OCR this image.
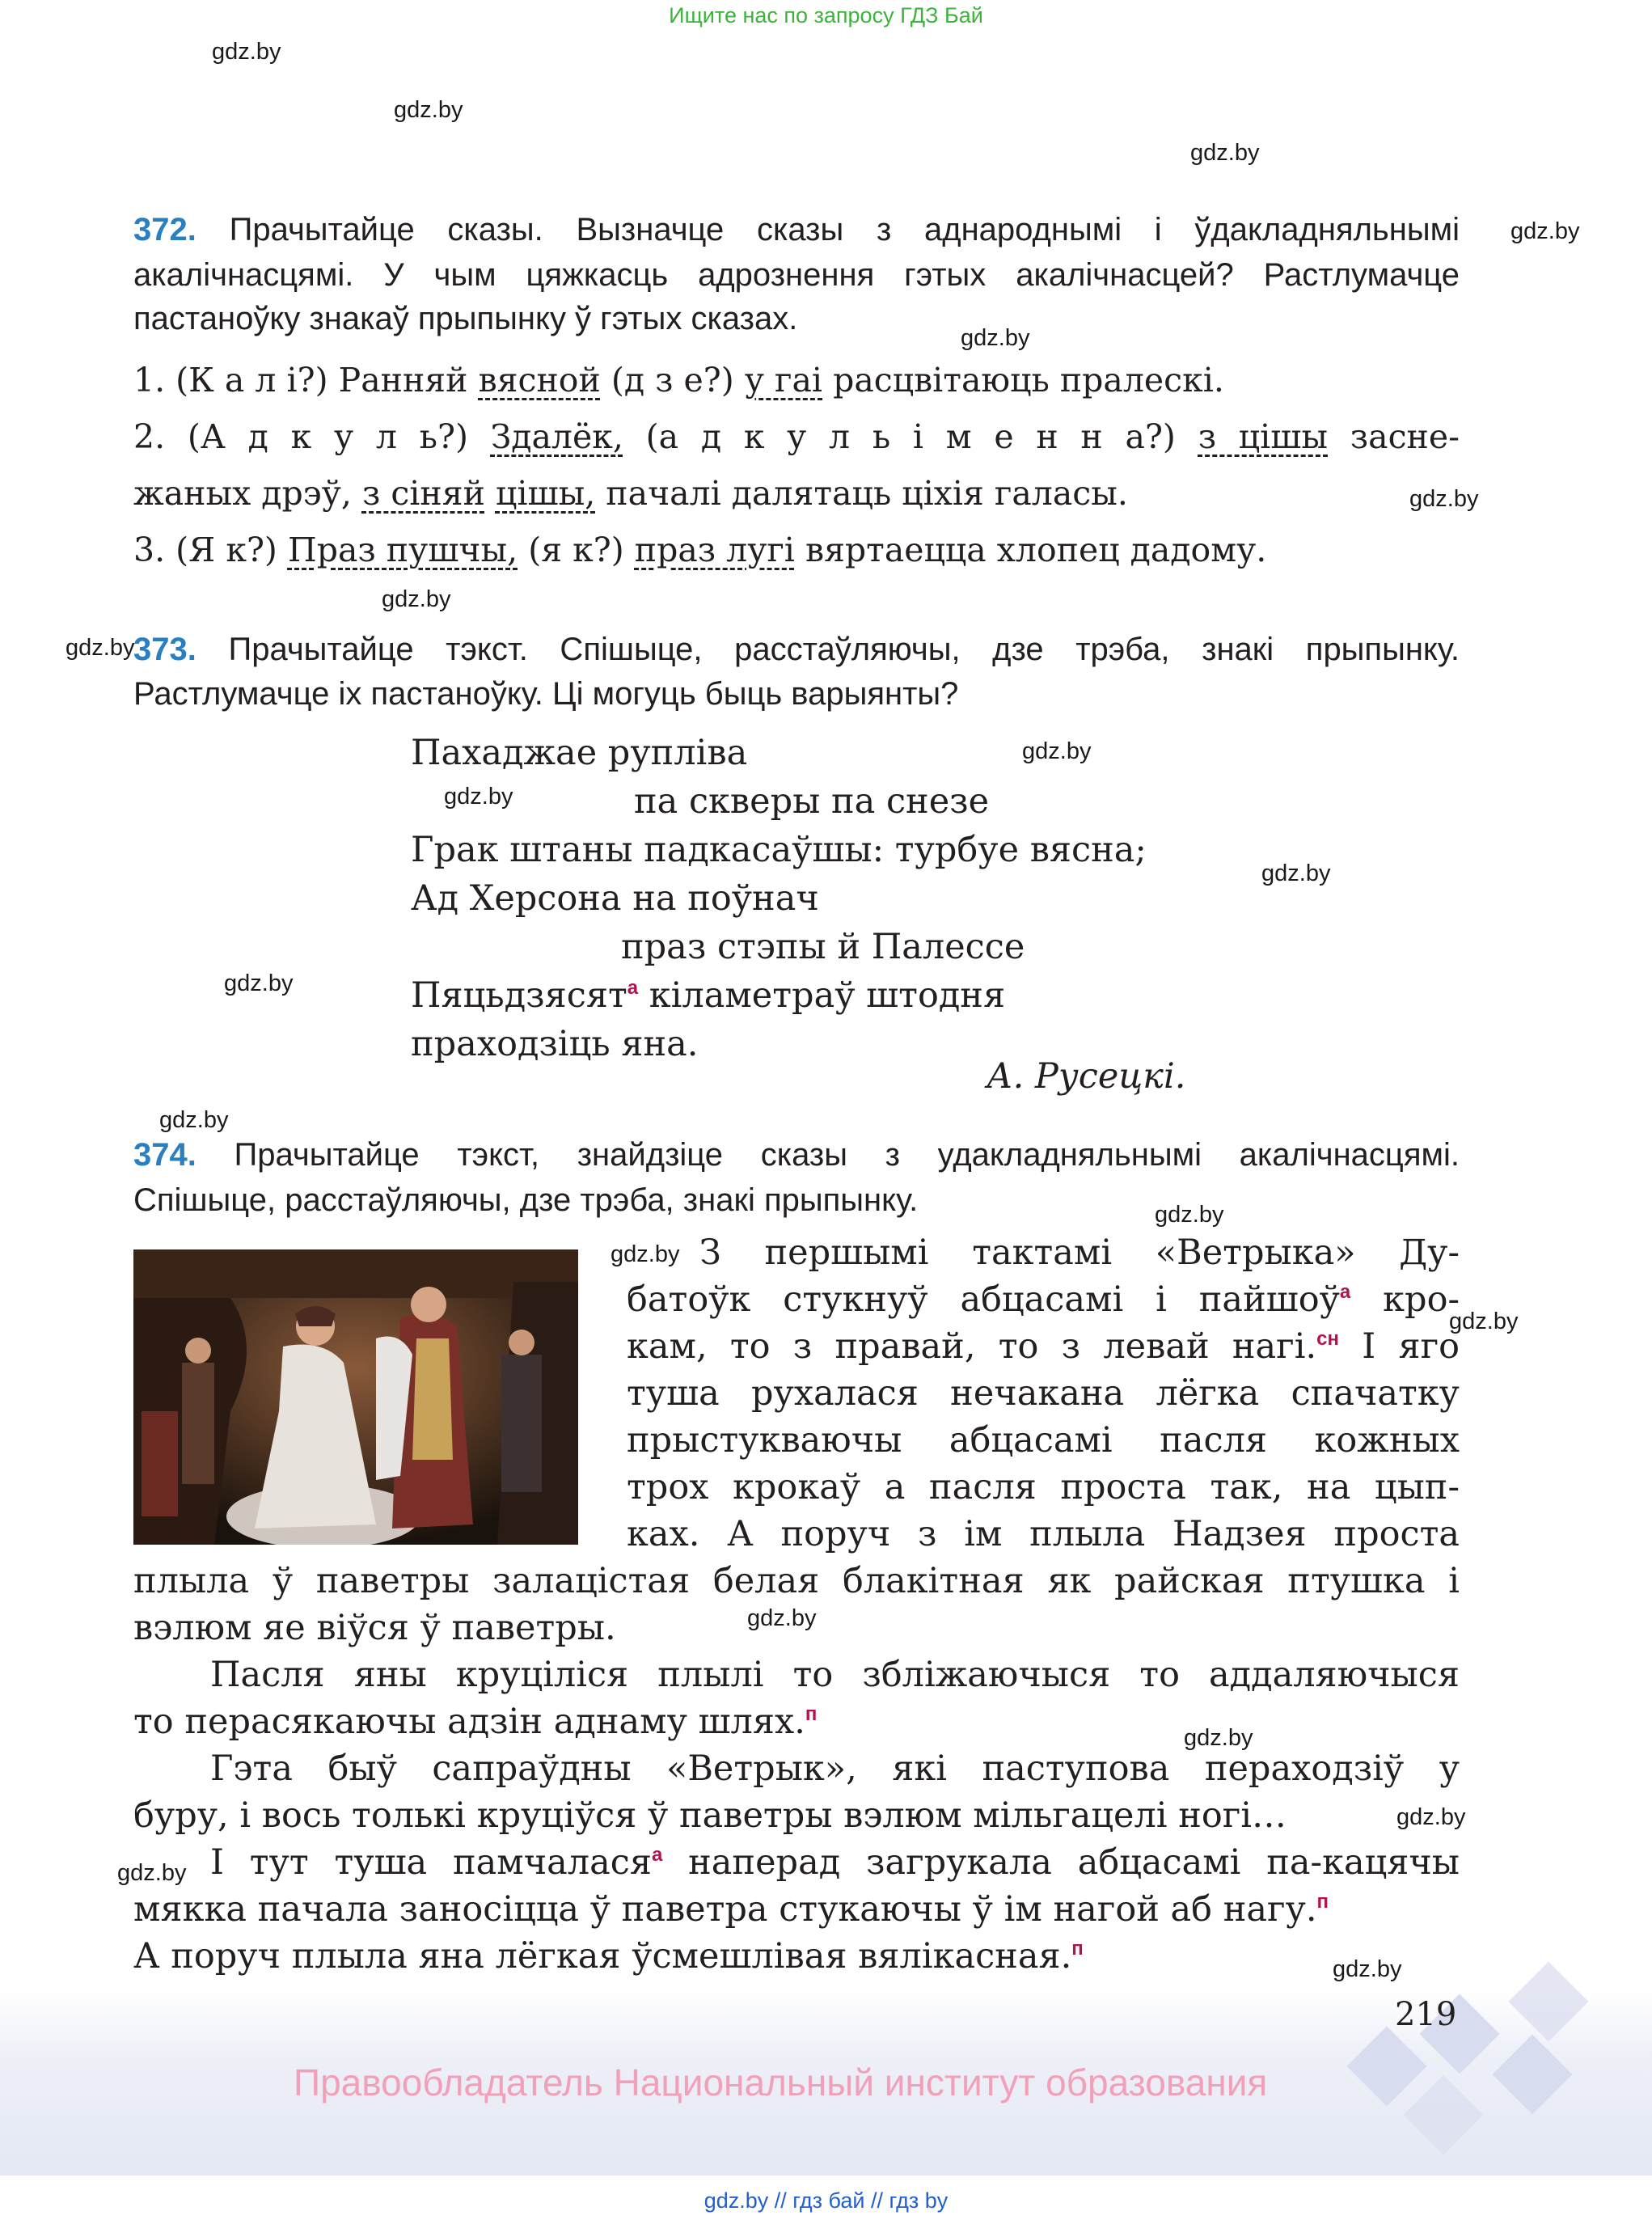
Ищите нас по запросу ГДЗ Бай
gdz.by
gdz.by
gdz.by
gdz.by
gdz.by
gdz.by
gdz.by
gdz.by
gdz.by
gdz.by
gdz.by
gdz.by
gdz.by
gdz.by
gdz.by
gdz.by
gdz.by
gdz.by
gdz.by
gdz.by
gdz.by
372. Прачытайце сказы. Вызначце сказы з аднароднымі і ўдакладняльнымі
акалічнасцямі. У чым цяжкасць адрознення гэтых акалічнасцей? Растлумачце
пастаноўку знакаў прыпынку ў гэтых сказах.
1. (К а л і?) Ранняй вясной (д з е?) у гаі расцвітаюць пралескі.
2. (А д к у л ь?) Здалёк, (а д к у л ь і м е н н а?) з цішы засне-
жаных дрэў, з сіняй цішы, пачалі далятаць ціхія галасы.
3. (Я к?) Праз пушчы, (я к?) праз лугі вяртаецца хлопец дадому.
373. Прачытайце тэкст. Спішыце, расстаўляючы, дзе трэба, знакі прыпынку.
Растлумачце іх пастаноўку. Ці могуць быць варыянты?
Пахаджае рупліва
па скверы па снезе
Грак штаны падкасаўшы: турбуе вясна;
Ад Херсона на поўнач
праз стэпы й Палессе
Пяцьдзясят$^а$ кіламетраў штодня
праходзіць яна.
А. Русецкі.
374. Прачытайце тэкст, знайдзіце сказы з удакладняльнымі акалічнасцямі.
Спішыце, расстаўляючы, дзе трэба, знакі прыпынку.
З першымі тактамі «Ветрыка» Ду-
батоўк стукнуў абцасамі і пайшоў$^а$ кро-
кам, то з правай, то з левай нагі.$^{сн}$ І яго
туша рухалася нечакана лёгка спачатку
прыстукваючы абцасамі пасля кожных
трох крокаў а пасля проста так, на цып-
ках. А поруч з ім плыла Надзея проста
плыла ў паветры залацістая белая блакітная як райская птушка і
вэлюм яе віўся ў паветры.
Пасля яны круціліся плылі то збліжаючыся то аддаляючыся
то перасякаючы адзін аднаму шлях.$^п$
Гэта быў сапраўдны «Ветрык», які паступова пераходзіў у
буру, і вось толькі круціўся ў паветры вэлюм мільгацелі ногі…
І тут туша памчалася$^а$ наперад загрукала абцасамі па-кацячы
мякка пачала заносіцца ў паветра стукаючы ў ім нагой аб нагу.$^п$
А поруч плыла яна лёгкая ўсмешлівая вялікасная.$^п$
219
Правообладатель Национальный институт образования
gdz.by // гдз бай // гдз by
